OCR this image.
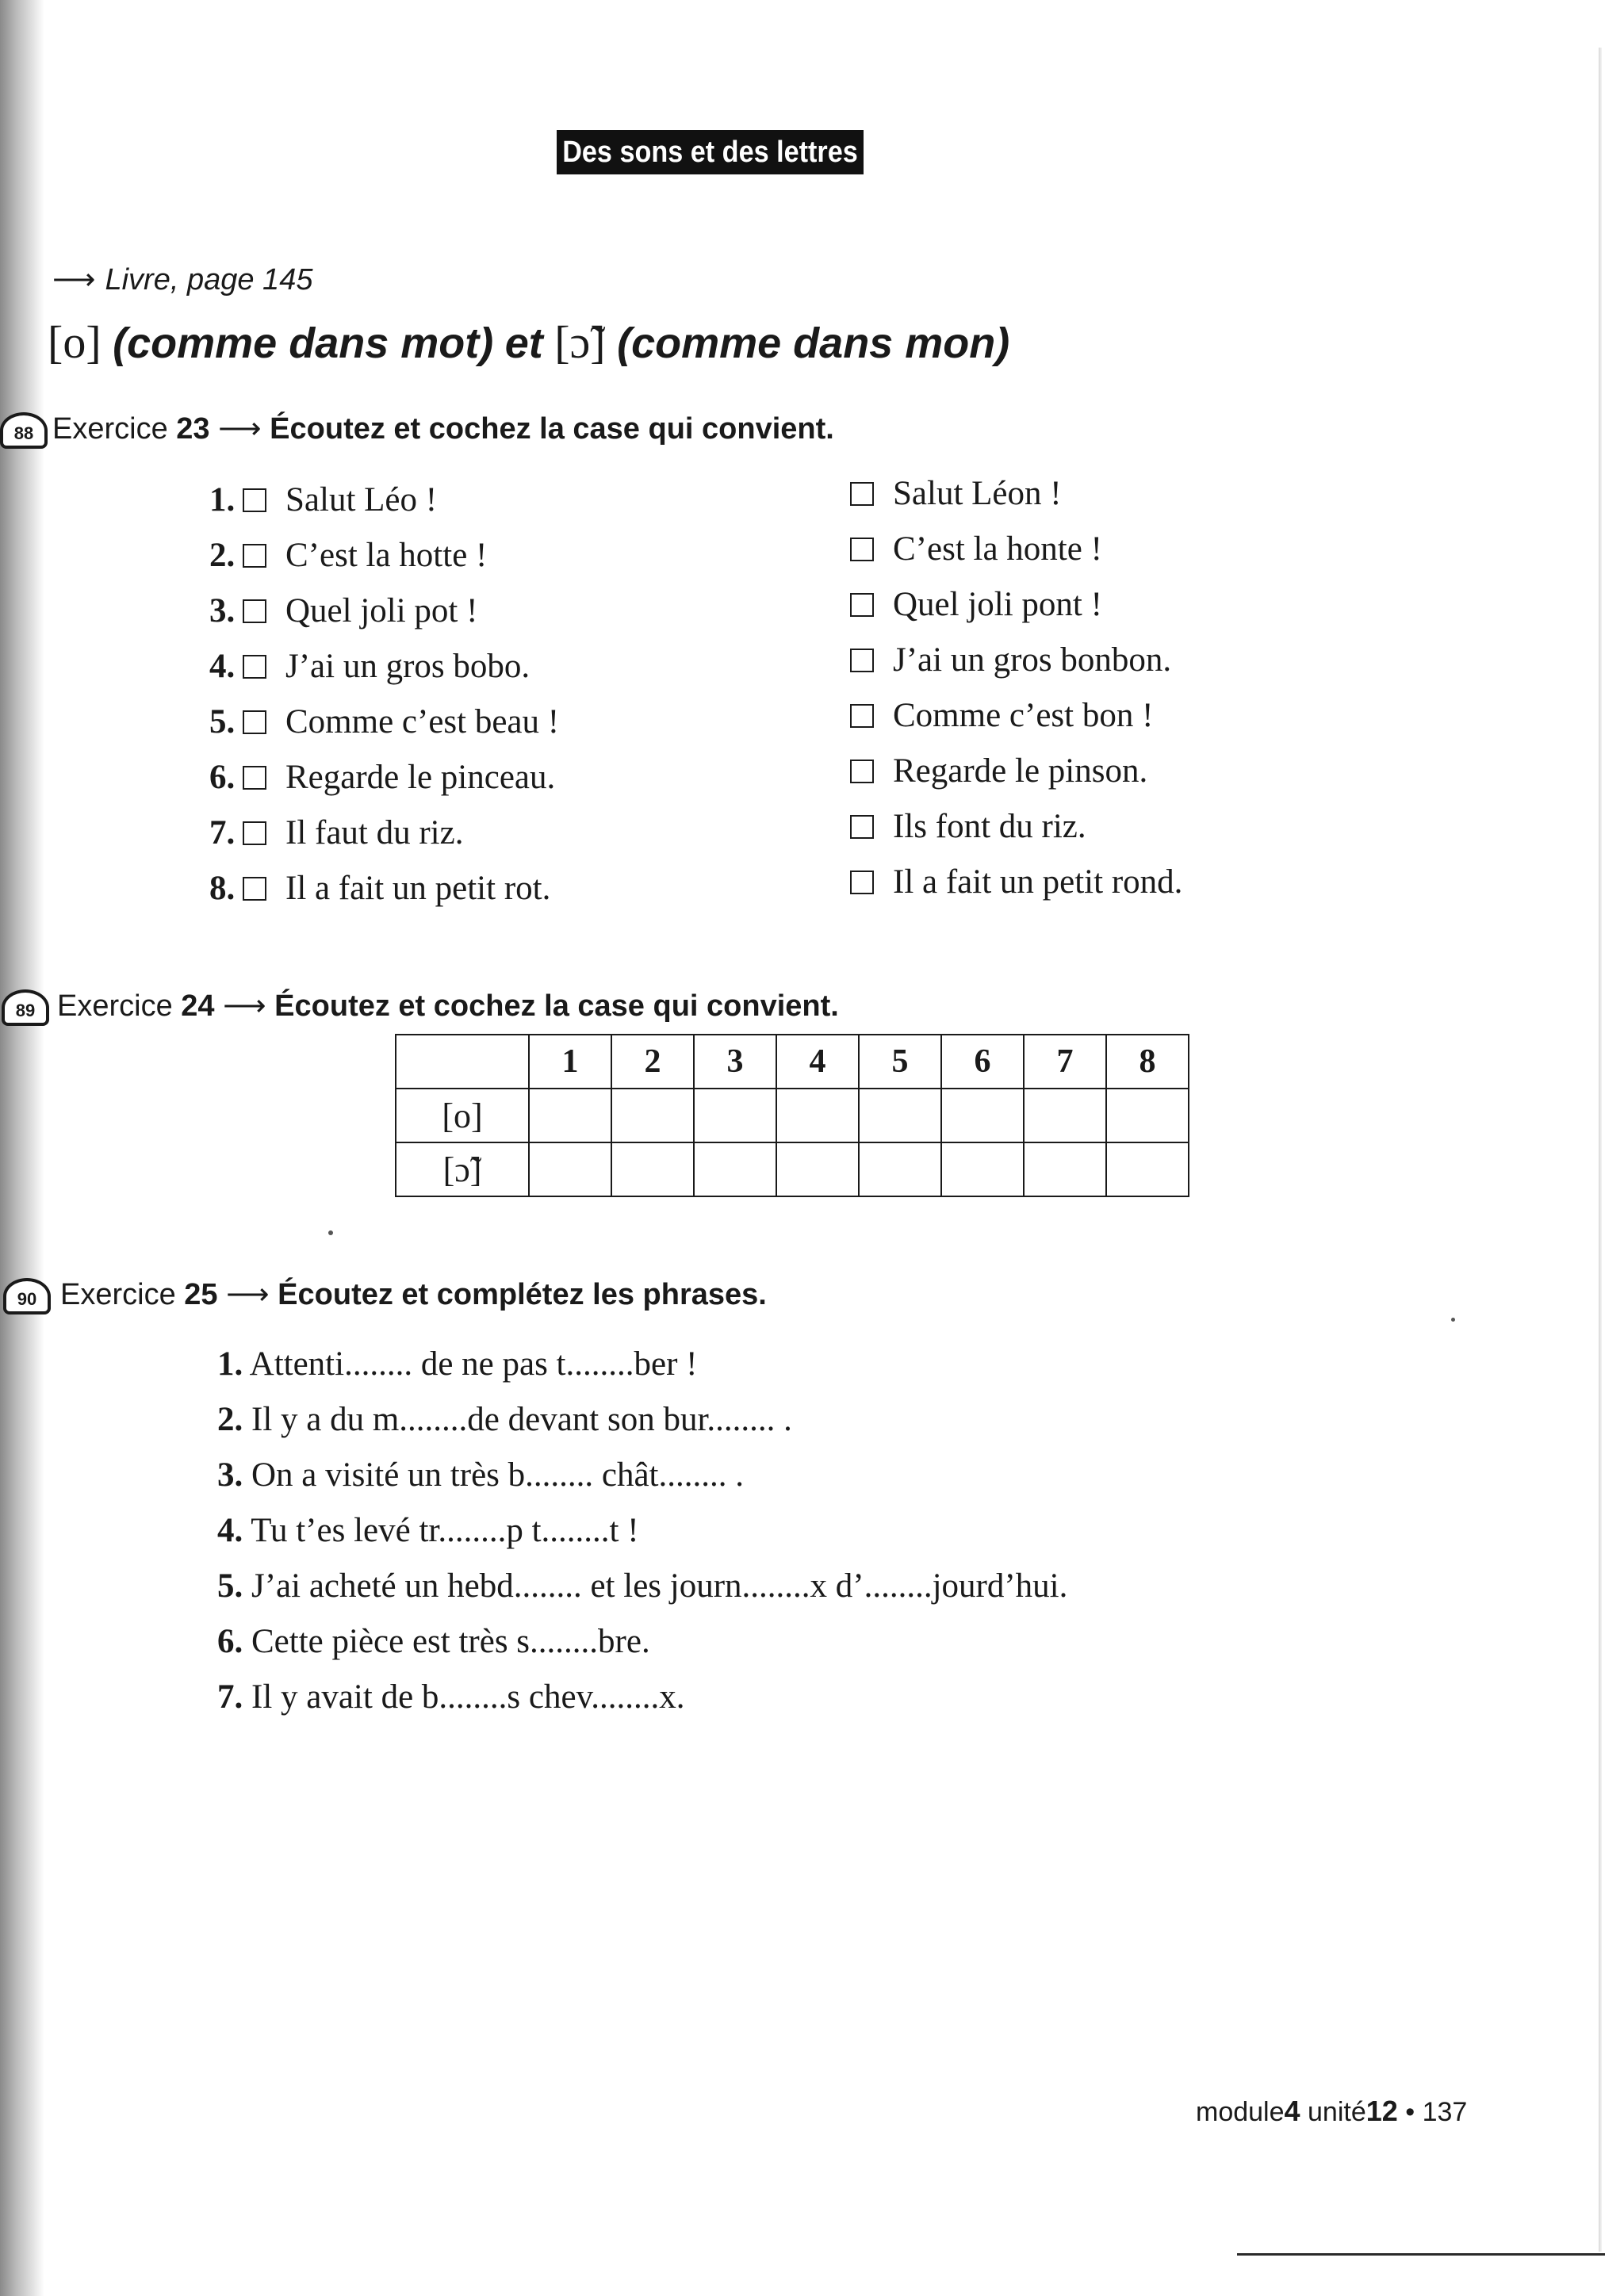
Des sons et des lettres
⟶ Livre, page 145
[o] (comme dans mot) et [ɔ̃] (comme dans mon)
88 Exercice 23 ⟶ Écoutez et cochez la case qui convient.
1. Salut Léo !
2. C’est la hotte !
3. Quel joli pot !
4. J’ai un gros bobo.
5. Comme c’est beau !
6. Regarde le pinceau.
7. Il faut du riz.
8. Il a fait un petit rot.
Salut Léon !
C’est la honte !
Quel joli pont !
J’ai un gros bonbon.
Comme c’est bon !
Regarde le pinson.
Ils font du riz.
Il a fait un petit rond.
89 Exercice 24 ⟶ Écoutez et cochez la case qui convient.
	1	2	3	4	5	6	7	8
[o]								
[ɔ̃]								
90 Exercice 25 ⟶ Écoutez et complétez les phrases.
1. Attenti........ de ne pas t........ber !
2. Il y a du m........de devant son bur........ .
3. On a visité un très b........ chât........ .
4. Tu t’es levé tr........p t........t !
5. J’ai acheté un hebd........ et les journ........x d’........jourd’hui.
6. Cette pièce est très s........bre.
7. Il y avait de b........s chev........x.
module4 unité12 • 137
